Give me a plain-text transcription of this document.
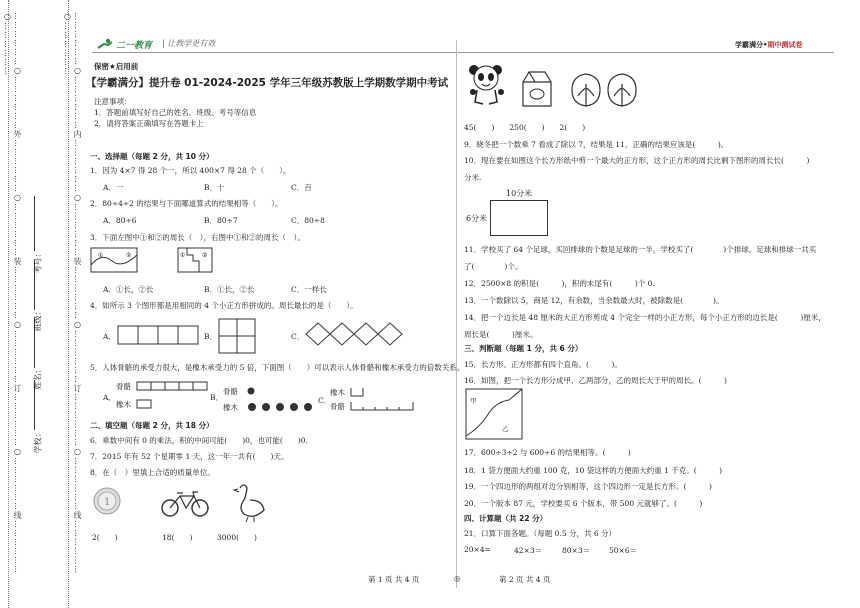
………………○………………外………………○………………装………………○………………订………………○………………线………………○………………	………………○………………内………………○………………装………………○………………订………………○………………线………………○………………
学校：
姓名：
班级：
考号：
二一教育 | 让教学更有效	学霸满分•期中测试卷
保密★启用前
【学霸满分】提升卷 01-2024-2025 学年三年级苏教版上学期数学期中考试
注意事项：
1．答题前填写好自己的姓名、班级、考号等信息
2．请将答案正确填写在答题卡上
一、选择题（每题 2 分，共 10 分）
1．因为 4×7 得 28 个一，所以 400×7 得 28 个（　　）。
A．一	B．十	C．百
2．80÷4÷2 的结果与下面哪道算式的结果相等（　　）。
A．80÷6	B．80÷7	C．80÷8
3．下面左图中①和②的周长（　），右图中①和②的周长（　）。
①	②	①	②
A．①长，②长	B．①长，②长	C．一样长
4．如所示 3 个图形都是用相同的 4 个小正方形拼成的。周长最长的是（　　）。
A．	B．	C．
5．人体骨骼的承受力很大，是橡木承受力的 5 倍，下面图（　　）可以表示人体骨骼和橡木承受力的倍数关系。
A．
骨骼
橡木
B．
骨骼
橡木
C．
橡木
骨骼
二、填空题（每题 2 分，共 18 分）
6．乘数中间有 0 的乘法，积的中间可能(　　)0，也可能(　　)0.
7．2015 年有 52 个星期零 1 天，这一年一共有(　　)天。
8．在（　）里填上合适的质量单位。
1
2(　　)	18(　　)	3000(　　)
45(　　)　　250(　　)　　2(　　)
9．晓冬把一个数乘 7 看成了除以 7，结果是 11，正确的结果应该是(　　　)。
10．现在要在如图这个长方形纸中剪一个最大的正方形，这个正方形的周长比剩下图形的周长长(　　　)
分米.
10分米
6分米
11．学校买了 64 个足球，买回排球的个数是足球的一半，学校买了(　　　　)个排球。足球和排球一共买
了(　　　　)个。
12．2500×8 的积是(　　　)，积的末尾有(　　　)个 0.
13．一个数除以 5，商是 12，有余数，当余数最大时，被除数是(　　　　)。
14．把一个边长是 48 厘米的大正方形剪成 4 个完全一样的小正方形，每个小正方形的边长是(　　　)厘米，
周长是(　　　)厘米。
三、判断题（每题 1 分，共 6 分）
15．长方形、正方形都有四个直角。(　　　)。
16．如图，把一个长方形分成甲、乙两部分，乙的周长大于甲的周长。(　　　)
甲
乙
17．600÷3÷2 与 600÷6 的结果相等。(　　　)
18．1 袋方便面大约重 100 克，10 袋这样的方便面大约重 1 千克。(　　　)
19．一个四边形的两组对边分别相等，这个四边形一定是长方形。(　　　)
20．一个版本 87 元，学校要买 6 个版本，带 500 元就够了。(　　　)
四、计算题（共 22 分）
21．口算下面各题。（每题 0.5 分，共 6 分）
20×4=	42×3＝	80×3＝	50×6＝
第 1 页 共 4 页	◎	第 2 页 共 4 页
